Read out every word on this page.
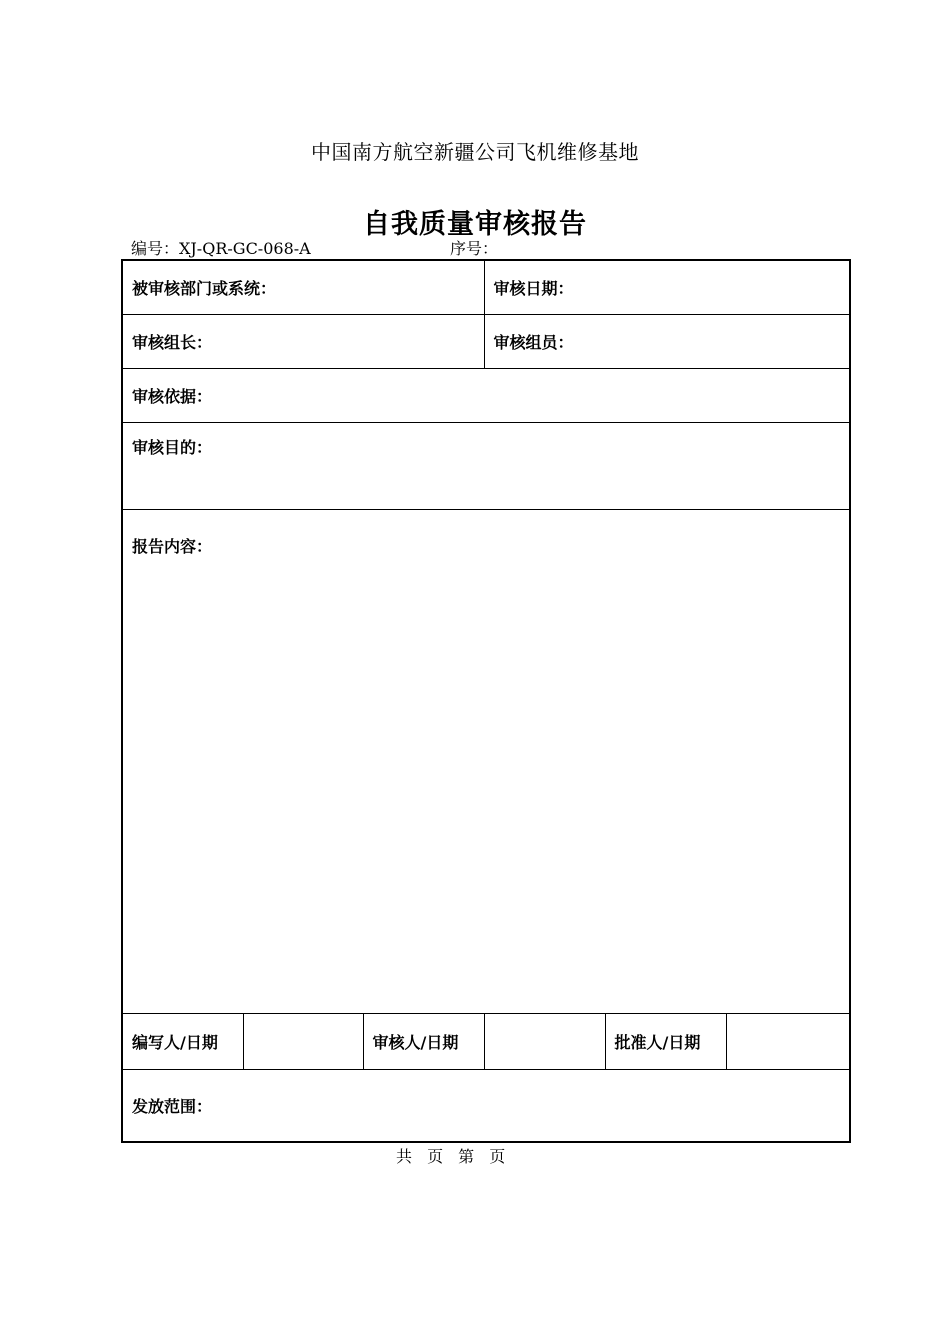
中国南方航空新疆公司飞机维修基地
自我质量审核报告
编号：XJ-QR-GC-068-A	序号：
被审核部门或系统：			审核日期：		
审核组长：			审核组员：		
审核依据：					
审核目的：					
报告内容：					
编写人/日期		审核人/日期		批准人/日期	
发放范围：					
共 页 第 页
